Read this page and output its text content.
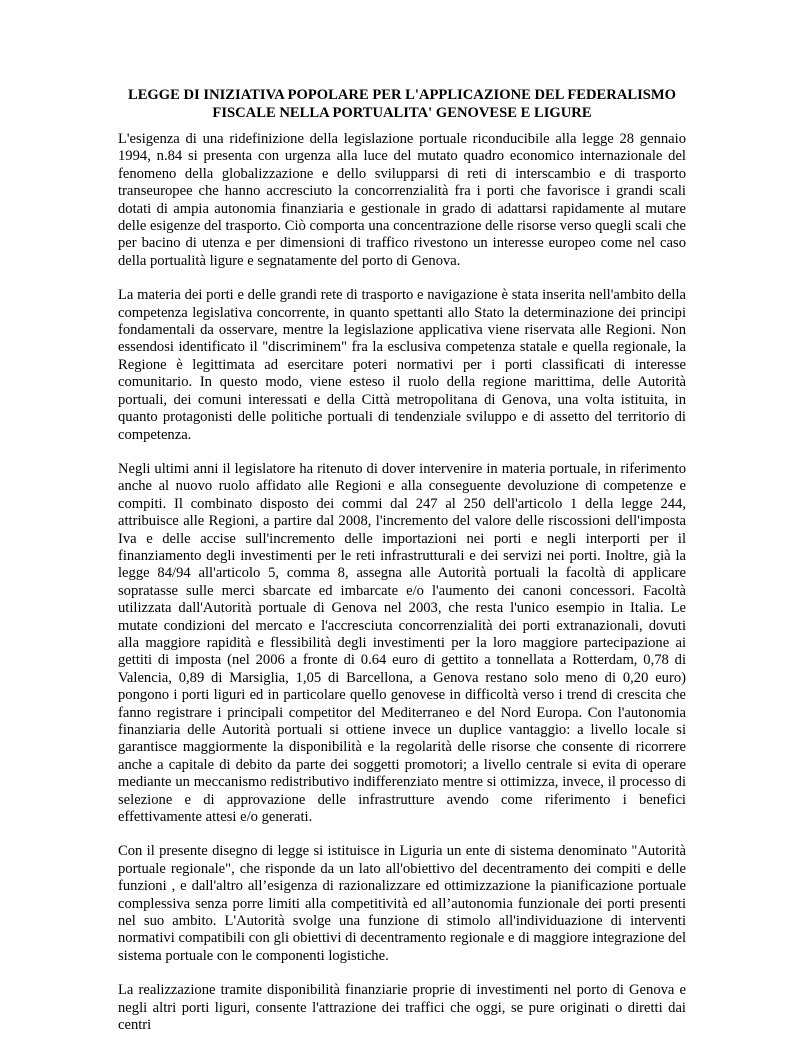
LEGGE DI INIZIATIVA POPOLARE PER L'APPLICAZIONE DEL FEDERALISMO
FISCALE NELLA PORTUALITA' GENOVESE E LIGURE

L'esigenza di una ridefinizione della legislazione portuale riconducibile alla legge 28 gennaio 1994, n.84 si presenta con urgenza alla luce del mutato quadro economico internazionale del fenomeno della globalizzazione e dello svilupparsi di reti di interscambio e di trasporto transeuropee che hanno accresciuto la concorrenzialità fra i porti che favorisce i grandi scali dotati di ampia autonomia finanziaria e gestionale in grado di adattarsi rapidamente al mutare delle esigenze del trasporto. Ciò comporta una concentrazione delle risorse verso quegli scali che per bacino di utenza e per dimensioni di traffico rivestono un interesse europeo come nel caso della portualità ligure e segnatamente del porto di Genova.

La materia dei porti e delle grandi rete di trasporto e navigazione è stata inserita nell'ambito della competenza legislativa concorrente, in quanto spettanti allo Stato la determinazione dei principi fondamentali da osservare, mentre la legislazione applicativa viene riservata alle Regioni. Non essendosi identificato il "discriminem" fra la esclusiva competenza statale e quella regionale, la Regione è legittimata ad esercitare poteri normativi per i porti classificati di interesse comunitario. In questo modo, viene esteso il ruolo della regione marittima, delle Autorità portuali, dei comuni interessati e della Città metropolitana di Genova, una volta istituita, in quanto protagonisti delle politiche portuali di tendenziale sviluppo e di assetto del territorio di competenza.

Negli ultimi anni il legislatore ha ritenuto di dover intervenire in materia portuale, in riferimento anche al nuovo ruolo affidato alle Regioni e alla conseguente devoluzione di competenze e compiti. Il combinato disposto dei commi dal 247 al 250 dell'articolo 1 della legge 244, attribuisce alle Regioni, a partire dal 2008, l'incremento del valore delle riscossioni dell'imposta Iva e delle accise sull'incremento delle importazioni nei porti e negli interporti per il finanziamento degli investimenti per le reti infrastrutturali e dei servizi nei porti. Inoltre, già la legge 84/94 all'articolo 5, comma 8, assegna alle Autorità portuali la facoltà di applicare sopratasse sulle merci sbarcate ed imbarcate e/o l'aumento dei canoni concessori. Facoltà utilizzata dall'Autorità portuale di Genova nel 2003, che resta l'unico esempio in Italia. Le mutate condizioni del mercato e l'accresciuta concorrenzialità dei porti extranazionali, dovuti alla maggiore rapidità e flessibilità degli investimenti per la loro maggiore partecipazione ai gettiti di imposta (nel 2006 a fronte di 0.64 euro di gettito a tonnellata a Rotterdam, 0,78 di Valencia, 0,89 di Marsiglia, 1,05 di Barcellona, a Genova restano solo meno di 0,20 euro) pongono i porti liguri ed in particolare quello genovese in difficoltà verso i trend di crescita che fanno registrare i principali competitor del Mediterraneo e del Nord Europa. Con l'autonomia finanziaria delle Autorità portuali si ottiene invece un duplice vantaggio: a livello locale si garantisce maggiormente la disponibilità e la regolarità delle risorse che consente di ricorrere anche a capitale di debito da parte dei soggetti promotori; a livello centrale si evita di operare mediante un meccanismo redistributivo indifferenziato mentre si ottimizza, invece, il processo di selezione e di approvazione delle infrastrutture avendo come riferimento i benefici effettivamente attesi e/o generati.

Con il presente disegno di legge si istituisce in Liguria un ente di sistema denominato "Autorità portuale regionale", che risponde da un lato all'obiettivo del decentramento dei compiti e delle funzioni , e dall'altro all’esigenza di razionalizzare ed ottimizzazione la pianificazione portuale complessiva senza porre limiti alla competitività ed all’autonomia funzionale dei porti presenti nel suo ambito. L'Autorità svolge una funzione di stimolo all'individuazione di interventi normativi compatibili con gli obiettivi di decentramento regionale e di maggiore integrazione del sistema portuale con le componenti logistiche.

La realizzazione tramite disponibilità finanziarie proprie di investimenti nel porto di Genova e negli altri porti liguri, consente l'attrazione dei traffici che oggi, se pure originati o diretti dai centri
